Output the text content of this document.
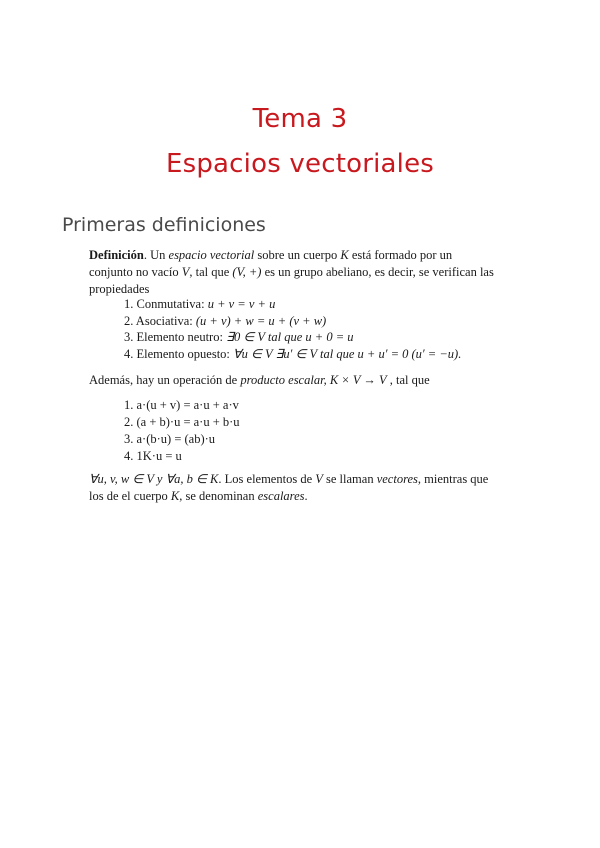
Tema 3
Espacios vectoriales
Primeras definiciones
Definición. Un espacio vectorial sobre un cuerpo K está formado por un conjunto no vacío V, tal que (V, +) es un grupo abeliano, es decir, se verifican las propiedades
1. Conmutativa: u + v = v + u
2. Asociativa: (u + v) + w = u + (v + w)
3. Elemento neutro: ∃0 ∈ V tal que u + 0 = u
4. Elemento opuesto: ∀u ∈ V ∃u′ ∈ V tal que u + u′ = 0 (u′ = −u).
Además, hay un operación de producto escalar, K × V → V , tal que
1. a·(u + v) = a·u + a·v
2. (a + b)·u = a·u + b·u
3. a·(b·u) = (ab)·u
4. 1K·u = u
∀u, v, w ∈ V y ∀a, b ∈ K. Los elementos de V se llaman vectores, mientras que los de el cuerpo K, se denominan escalares.
